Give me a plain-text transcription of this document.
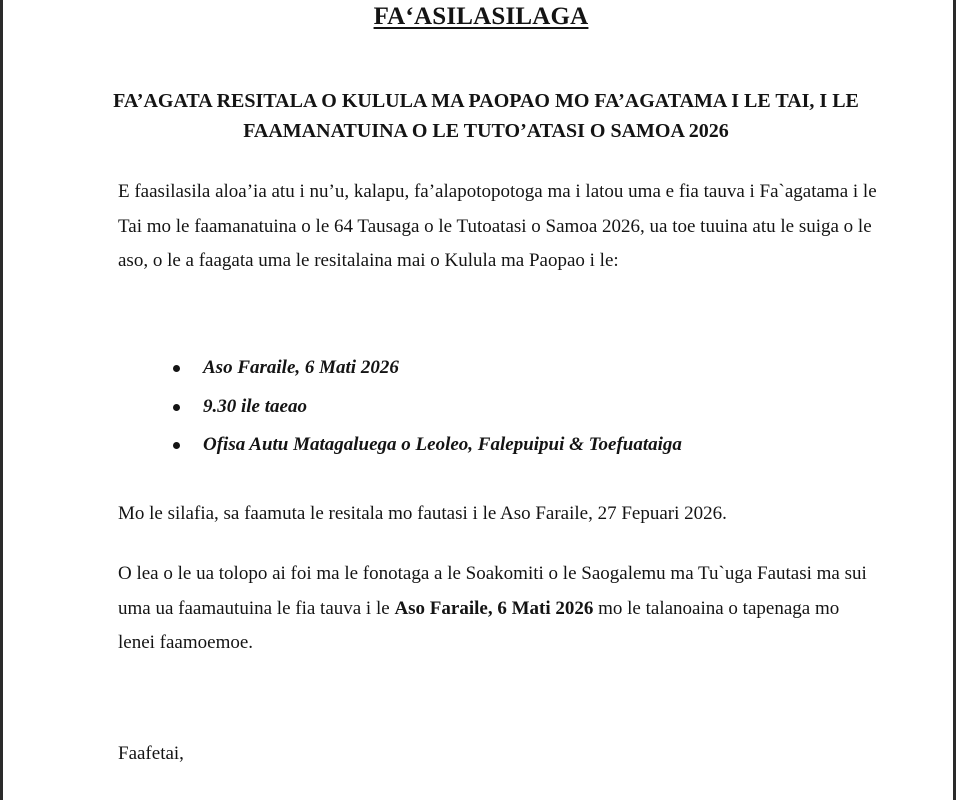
FA‘ASILASILAGA
FA’AGATA RESITALA O KULULA MA PAOPAO MO FA’AGATAMA I LE TAI, I LE FAAMANATUINA O LE TUTO’ATASI O SAMOA 2026

E faasilasila aloa’ia atu i nu’u, kalapu, fa’alapotopotoga ma i latou uma e fia tauva i Fa`agatama i le Tai mo le faamanatuina o le 64 Tausaga o le Tutoatasi o Samoa 2026, ua toe tuuina atu le suiga o le aso, o le a faagata uma le resitalaina mai o Kulula ma Paopao i le:

Aso Faraile, 6 Mati 2026
9.30 ile taeao
Ofisa Autu Matagaluega o Leoleo, Falepuipui & Toefuataiga

Mo le silafia, sa faamuta le resitala mo fautasi i le Aso Faraile, 27 Fepuari 2026.

O lea o le ua tolopo ai foi ma le fonotaga a le Soakomiti o le Saogalemu ma Tu`uga Fautasi ma sui uma ua faamautuina le fia tauva i le Aso Faraile, 6 Mati 2026 mo le talanoaina o tapenaga mo lenei faamoemoe.

Faafetai,
